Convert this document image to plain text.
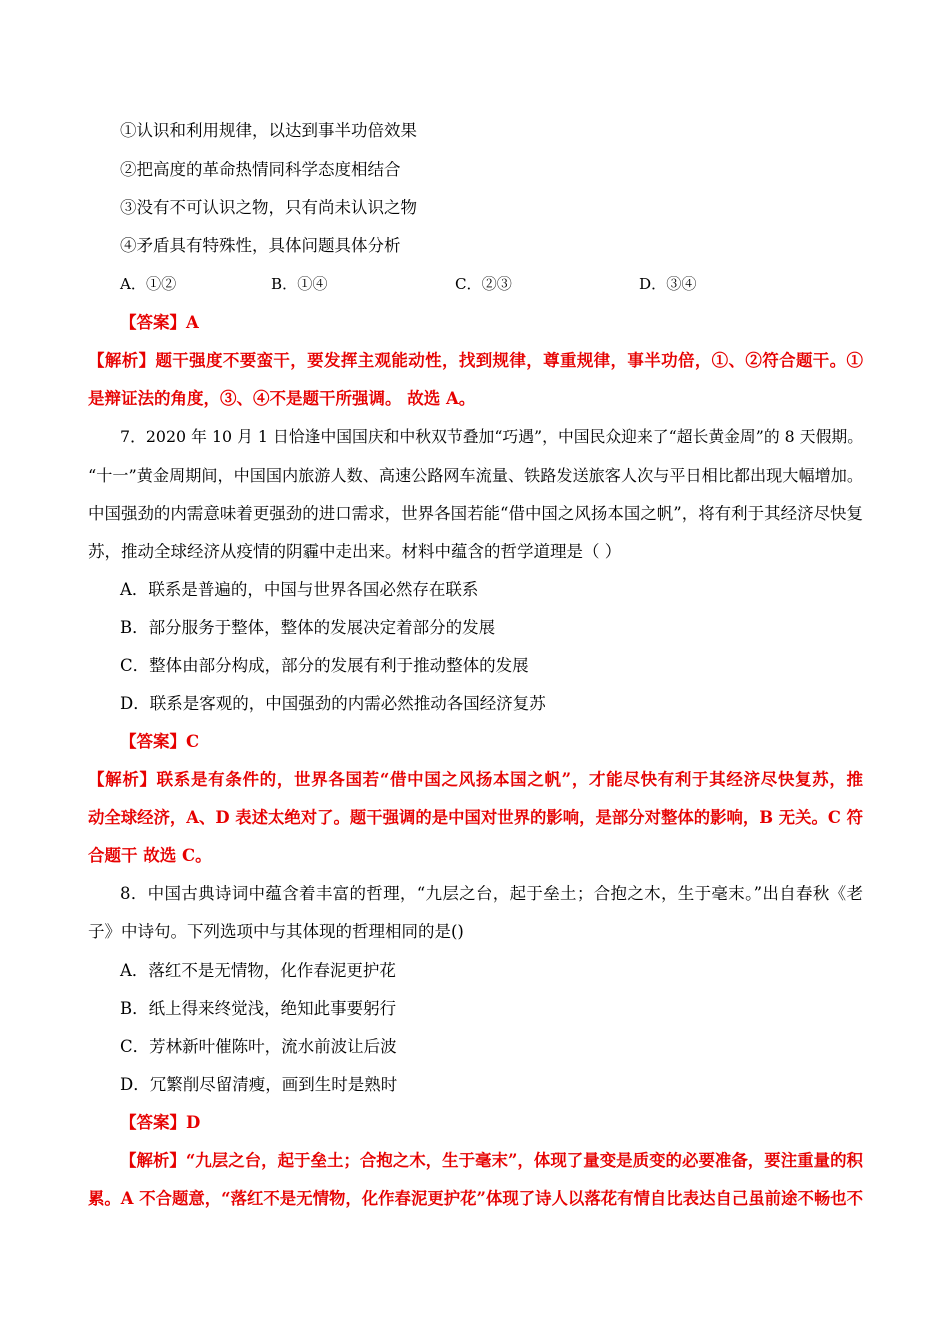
①认识和利用规律，以达到事半功倍效果
②把高度的革命热情同科学态度相结合
③没有不可认识之物，只有尚未认识之物
④矛盾具有特殊性，具体问题具体分析
A．①②	B．①④	C．②③	D．③④
【答案】A
【解析】题干强度不要蛮干，要发挥主观能动性，找到规律，尊重规律，事半功倍，①、②符合题干。①
是辩证法的角度，③、④不是题干所强调。 故选 A。
7．2020 年 10 月 1 日恰逢中国国庆和中秋双节叠加“巧遇”，中国民众迎来了“超长黄金周”的 8 天假期。
“十一”黄金周期间，中国国内旅游人数、高速公路网车流量、铁路发送旅客人次与平日相比都出现大幅增加。
中国强劲的内需意味着更强劲的进口需求，世界各国若能“借中国之风扬本国之帆”，将有利于其经济尽快复
苏，推动全球经济从疫情的阴霾中走出来。材料中蕴含的哲学道理是（ ）
A．联系是普遍的，中国与世界各国必然存在联系
B．部分服务于整体，整体的发展决定着部分的发展
C．整体由部分构成，部分的发展有利于推动整体的发展
D．联系是客观的，中国强劲的内需必然推动各国经济复苏
【答案】C
【解析】联系是有条件的，世界各国若“借中国之风扬本国之帆”，才能尽快有利于其经济尽快复苏，推
动全球经济，A、D 表述太绝对了。题干强调的是中国对世界的影响，是部分对整体的影响，B 无关。C 符
合题干 故选 C。
8．中国古典诗词中蕴含着丰富的哲理，“九层之台，起于垒土；合抱之木，生于毫末。”出自春秋《老
子》中诗句。下列选项中与其体现的哲理相同的是()
A．落红不是无情物，化作春泥更护花
B．纸上得来终觉浅，绝知此事要躬行
C．芳林新叶催陈叶，流水前波让后波
D．冗繁削尽留清瘦，画到生时是熟时
【答案】D
【解析】“九层之台，起于垒土；合抱之木，生于毫末”，体现了量变是质变的必要准备，要注重量的积
累。A 不合题意，“落红不是无情物，化作春泥更护花”体现了诗人以落花有情自比表达自己虽前途不畅也不
